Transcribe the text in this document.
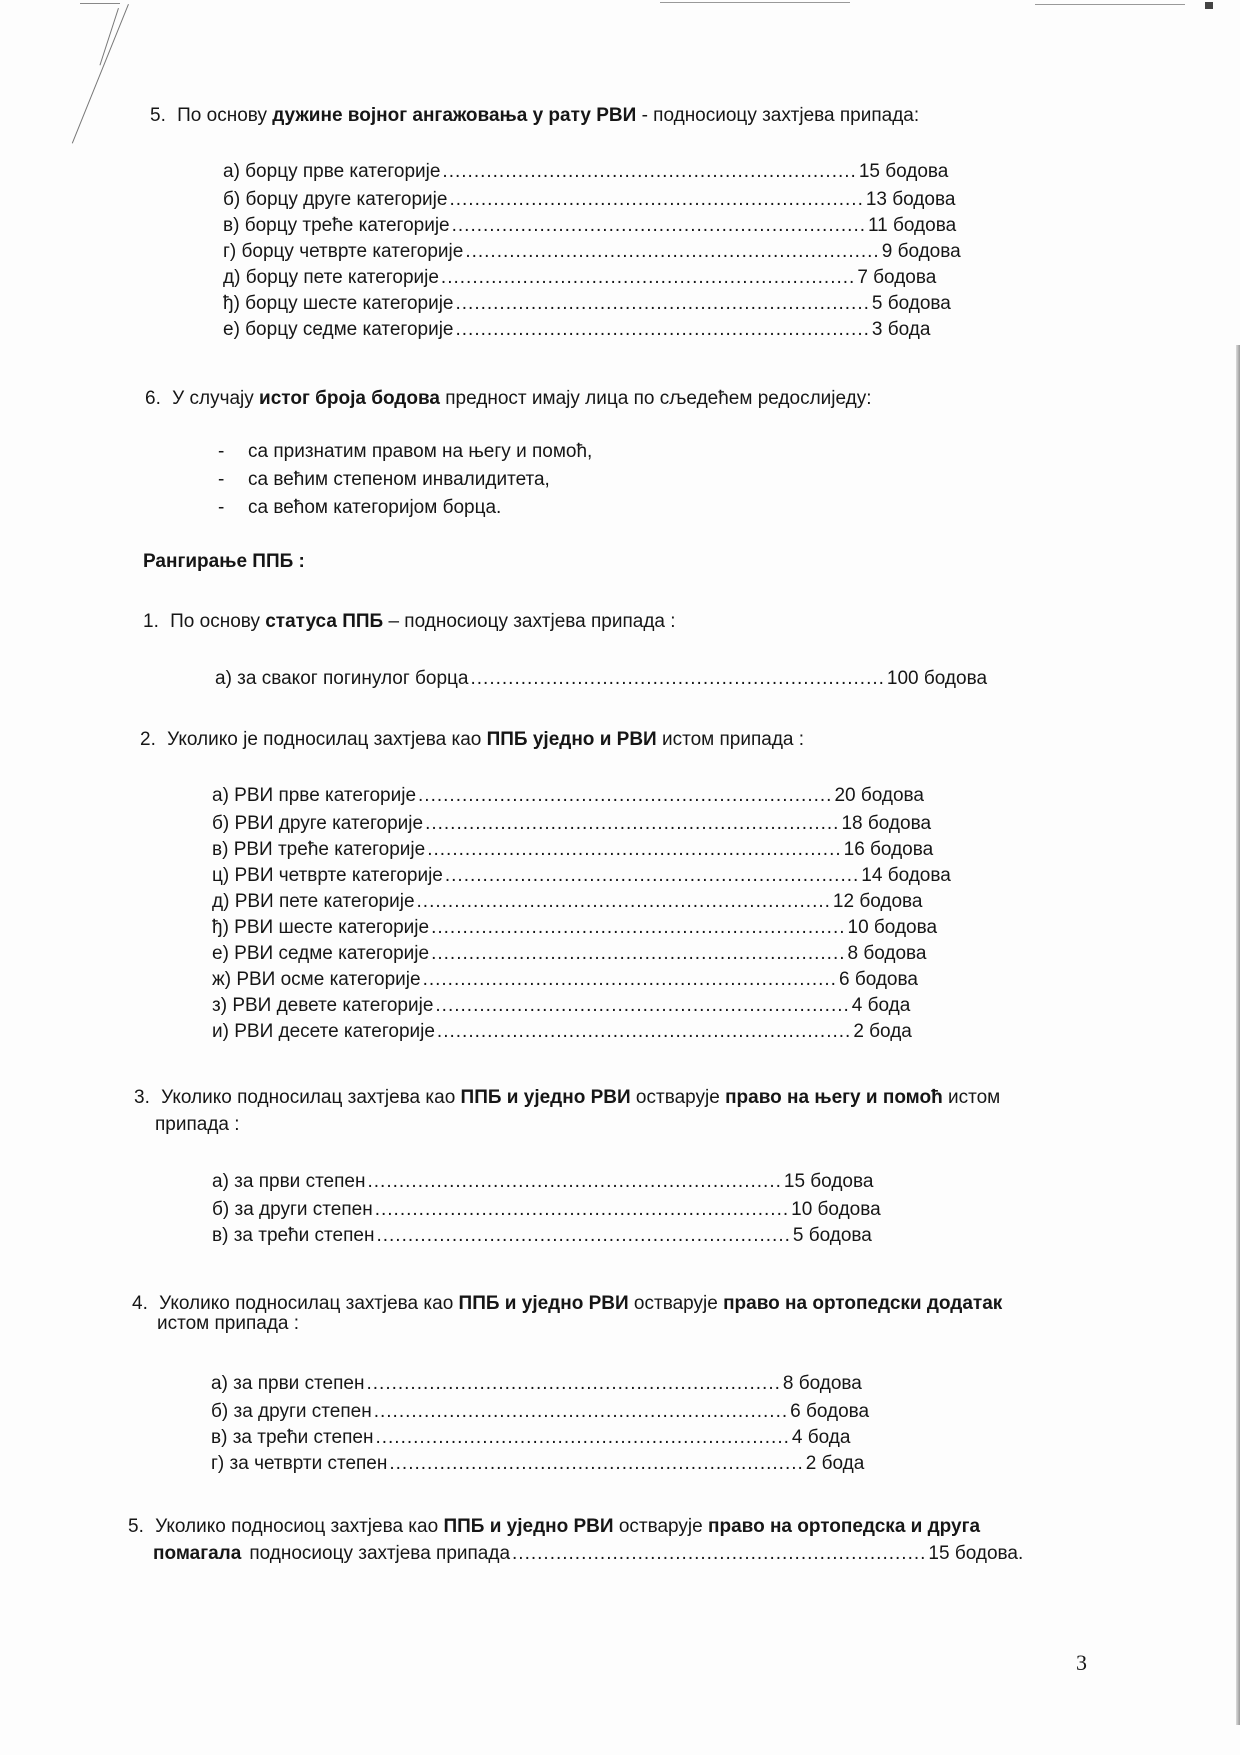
5. По основу дужине војног ангажовања у рату РВИ - подносиоцу захтјева припада:
а) борцу прве категорије .................................................................. 15 бодова
б) борцу друге категорије .................................................................. 13 бодова
в) борцу треће категорије .................................................................. 11 бодова
г) борцу четврте категорије .................................................................. 9 бодова
д) борцу пете категорије .................................................................. 7 бодова
ђ) борцу шесте категорије .................................................................. 5 бодова
е) борцу седме категорије .................................................................. 3 бода
6. У случају истог броја бодова предност имају лица по сљедећем редослиједу:
-	са признатим правом на његу и помоћ,
-	са већим степеном инвалидитета,
-	са већом категоријом борца.
Рангирање ППБ :
1. По основу статуса ППБ – подносиоцу захтјева припада :
а) за сваког погинулог борца .................................................................. 100 бодова
2. Уколико је подносилац захтјева као ППБ уједно и РВИ истом припада :
а) РВИ прве категорије .................................................................. 20 бодова
б) РВИ друге категорије .................................................................. 18 бодова
в) РВИ треће категорије .................................................................. 16 бодова
ц) РВИ четврте категорије .................................................................. 14 бодова
д) РВИ пете категорије .................................................................. 12 бодова
ђ) РВИ шесте категорије .................................................................. 10 бодова
е) РВИ седме категорије .................................................................. 8 бодова
ж) РВИ осме категорије .................................................................. 6 бодова
з) РВИ девете категорије .................................................................. 4 бода
и) РВИ десете категорије .................................................................. 2 бода
3. Уколико подносилац захтјева као ППБ и уједно РВИ остварује право на његу и помоћ истом
припада :
а) за први степен .................................................................. 15 бодова
б) за други степен .................................................................. 10 бодова
в) за трећи степен .................................................................. 5 бодова
4. Уколико подносилац захтјева као ППБ и уједно РВИ остварује право на ортопедски додатак
истом припада :
а) за први степен .................................................................. 8 бодова
б) за други степен .................................................................. 6 бодова
в) за трећи степен .................................................................. 4 бода
г) за четврти степен .................................................................. 2 бода
5. Уколико подносиоц захтјева као ППБ и уједно РВИ остварује право на ортопедска и друга
помагала подносиоцу захтјева припада .................................................................. 15 бодова.
3
